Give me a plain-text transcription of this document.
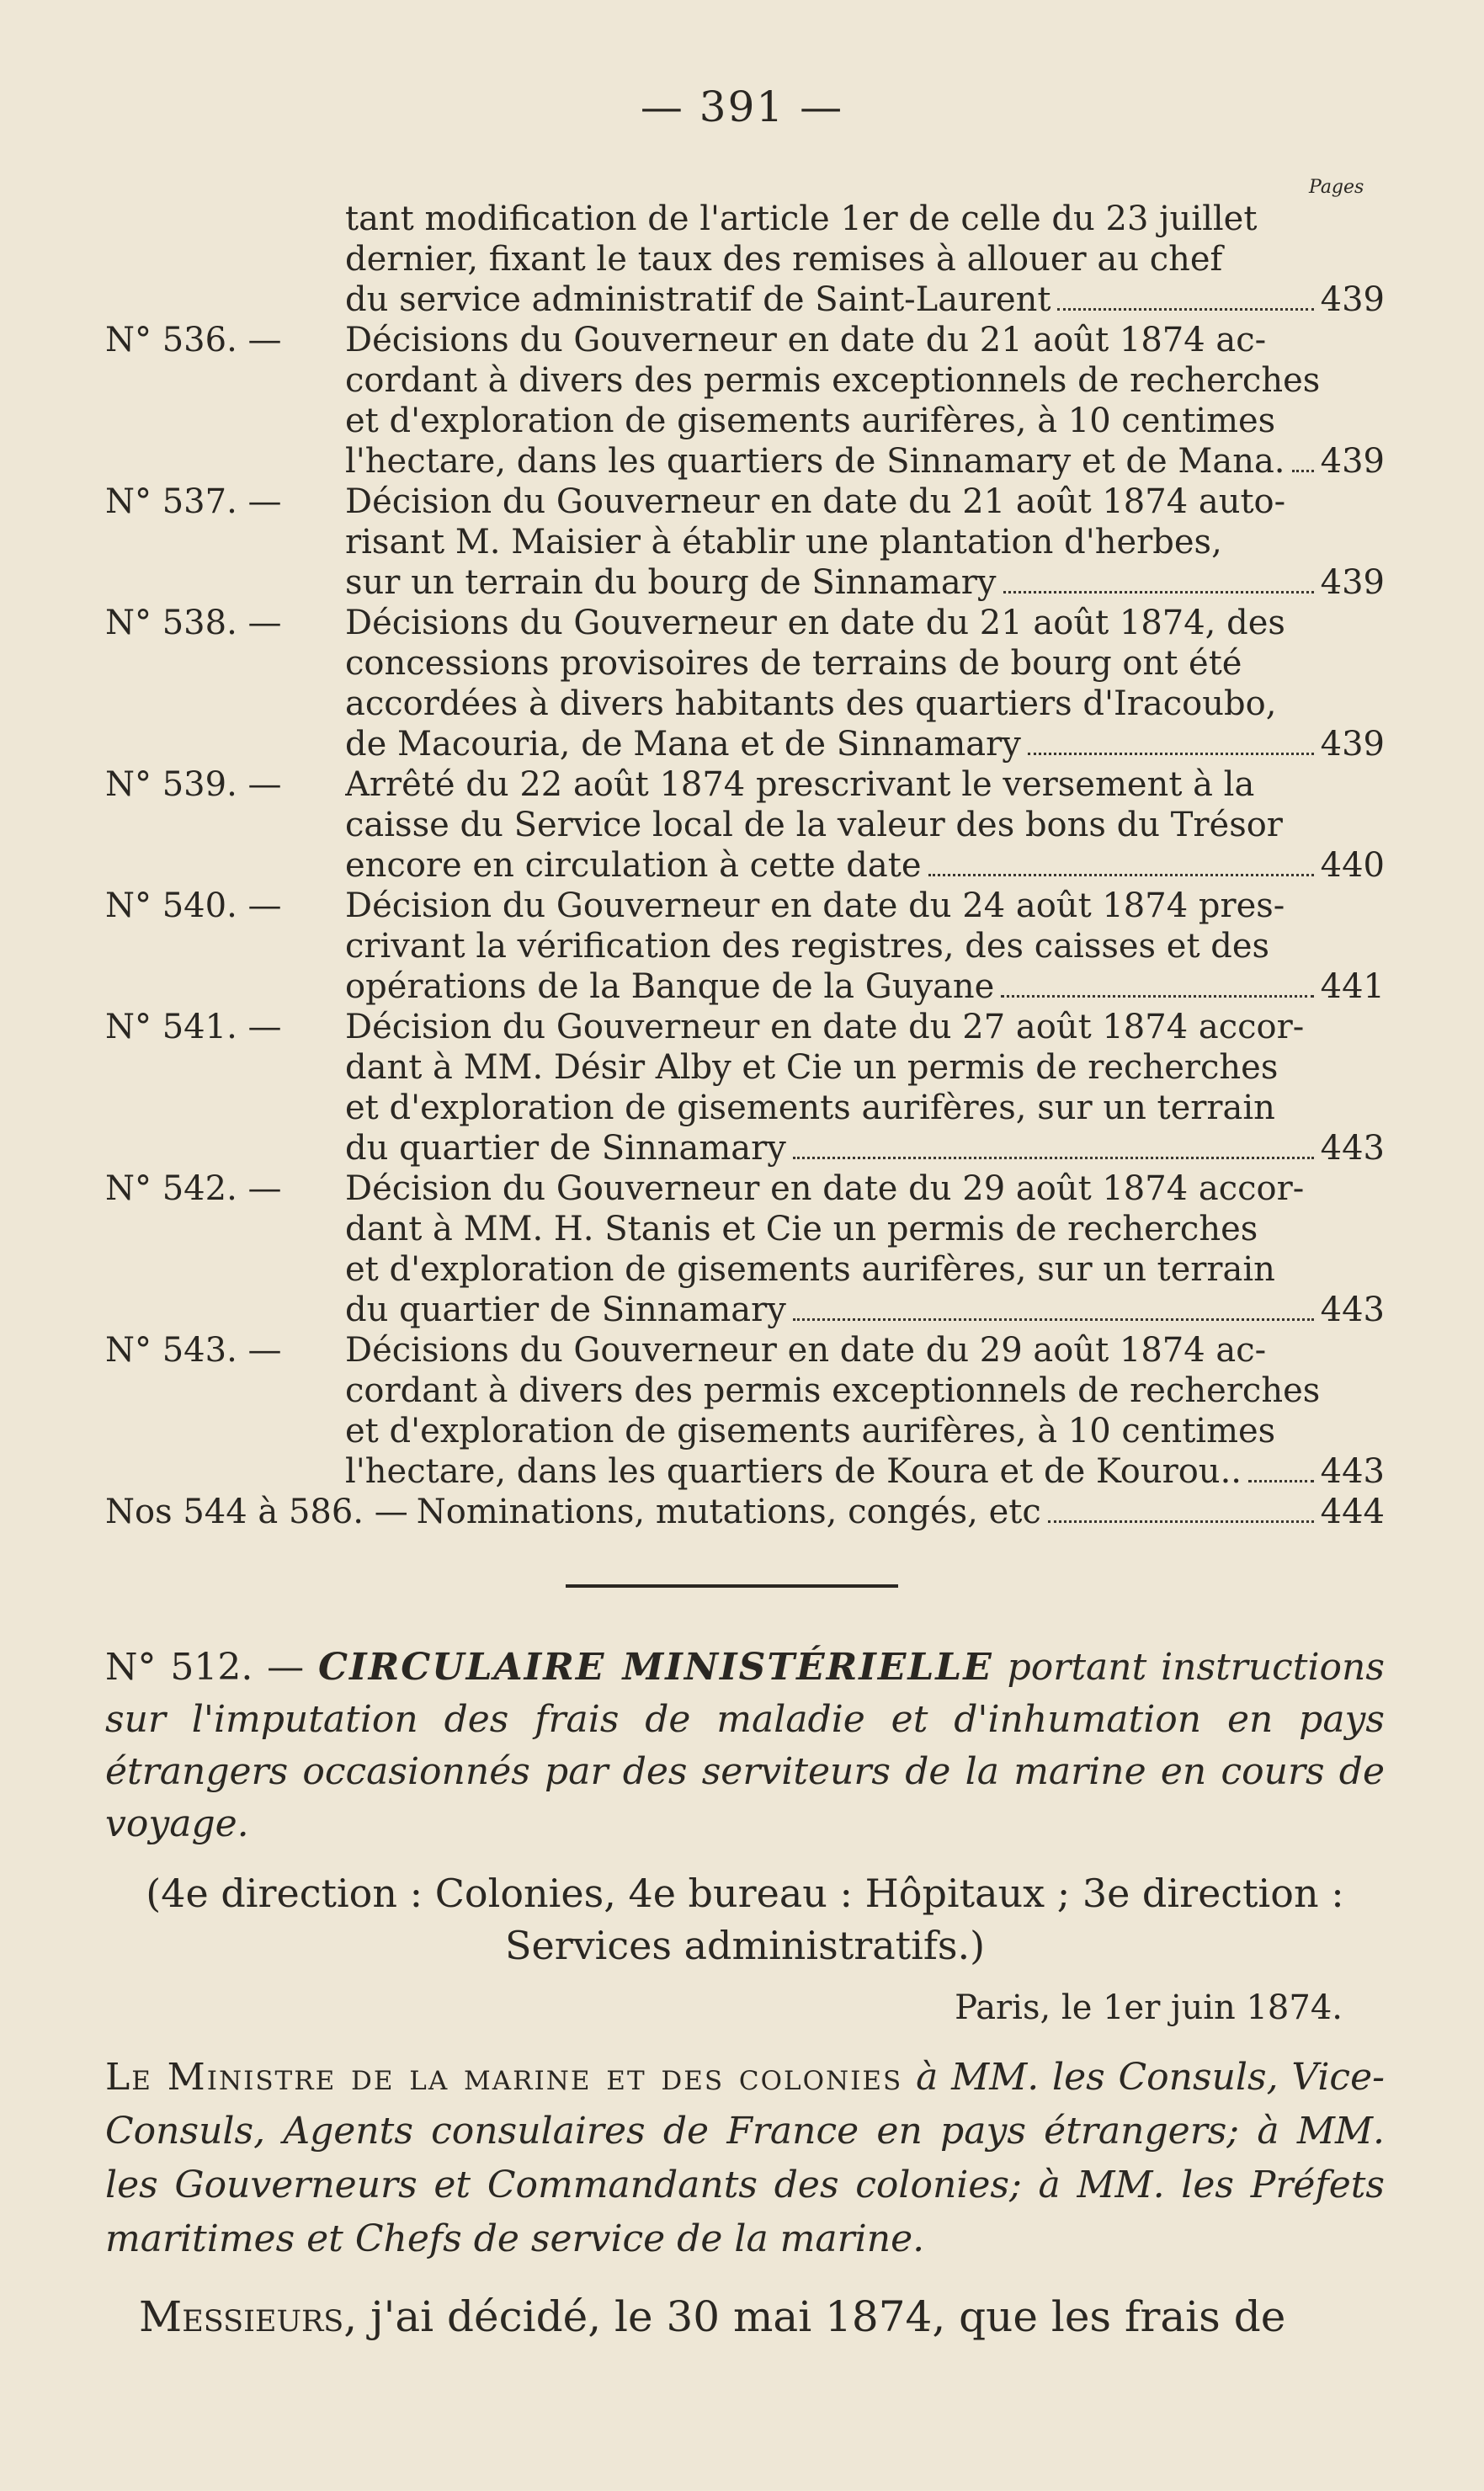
— 391 —
Pages
tant modification de l'article 1er de celle du 23 juillet
dernier, fixant le taux des remises à allouer au chef
du service administratif de Saint-Laurent	439
N° 536. — Décisions du Gouverneur en date du 21 août 1874 ac-
cordant à divers des permis exceptionnels de recherches
et d'exploration de gisements aurifères, à 10 centimes
l'hectare, dans les quartiers de Sinnamary et de Mana. 439
N° 537. — Décision du Gouverneur en date du 21 août 1874 auto-
risant M. Maisier à établir une plantation d'herbes,
sur un terrain du bourg de Sinnamary	439
N° 538. — Décisions du Gouverneur en date du 21 août 1874, des
concessions provisoires de terrains de bourg ont été
accordées à divers habitants des quartiers d'Iracoubo,
de Macouria, de Mana et de Sinnamary	439
N° 539. — Arrêté du 22 août 1874 prescrivant le versement à la
caisse du Service local de la valeur des bons du Trésor
encore en circulation à cette date	440
N° 540. — Décision du Gouverneur en date du 24 août 1874 pres-
crivant la vérification des registres, des caisses et des
opérations de la Banque de la Guyane	441
N° 541. — Décision du Gouverneur en date du 27 août 1874 accor-
dant à MM. Désir Alby et Cie un permis de recherches
et d'exploration de gisements aurifères, sur un terrain
du quartier de Sinnamary	443
N° 542. — Décision du Gouverneur en date du 29 août 1874 accor-
dant à MM. H. Stanis et Cie un permis de recherches
et d'exploration de gisements aurifères, sur un terrain
du quartier de Sinnamary	443
N° 543. — Décisions du Gouverneur en date du 29 août 1874 ac-
cordant à divers des permis exceptionnels de recherches
et d'exploration de gisements aurifères, à 10 centimes
l'hectare, dans les quartiers de Koura et de Kourou.. 443
Nos 544 à 586. — Nominations, mutations, congés, etc	444
N° 512. — CIRCULAIRE MINISTÉRIELLE portant instructions sur l'imputation des frais de maladie et d'inhumation en pays étrangers occasionnés par des serviteurs de la marine en cours de voyage.
(4e direction : Colonies, 4e bureau : Hôpitaux ; 3e direction :
Services administratifs.)
Paris, le 1er juin 1874.
Le Ministre de la marine et des colonies à MM. les Consuls, Vice-Consuls, Agents consulaires de France en pays étrangers; à MM. les Gouverneurs et Commandants des colonies; à MM. les Préfets maritimes et Chefs de service de la marine.
Messieurs, j'ai décidé, le 30 mai 1874, que les frais de
